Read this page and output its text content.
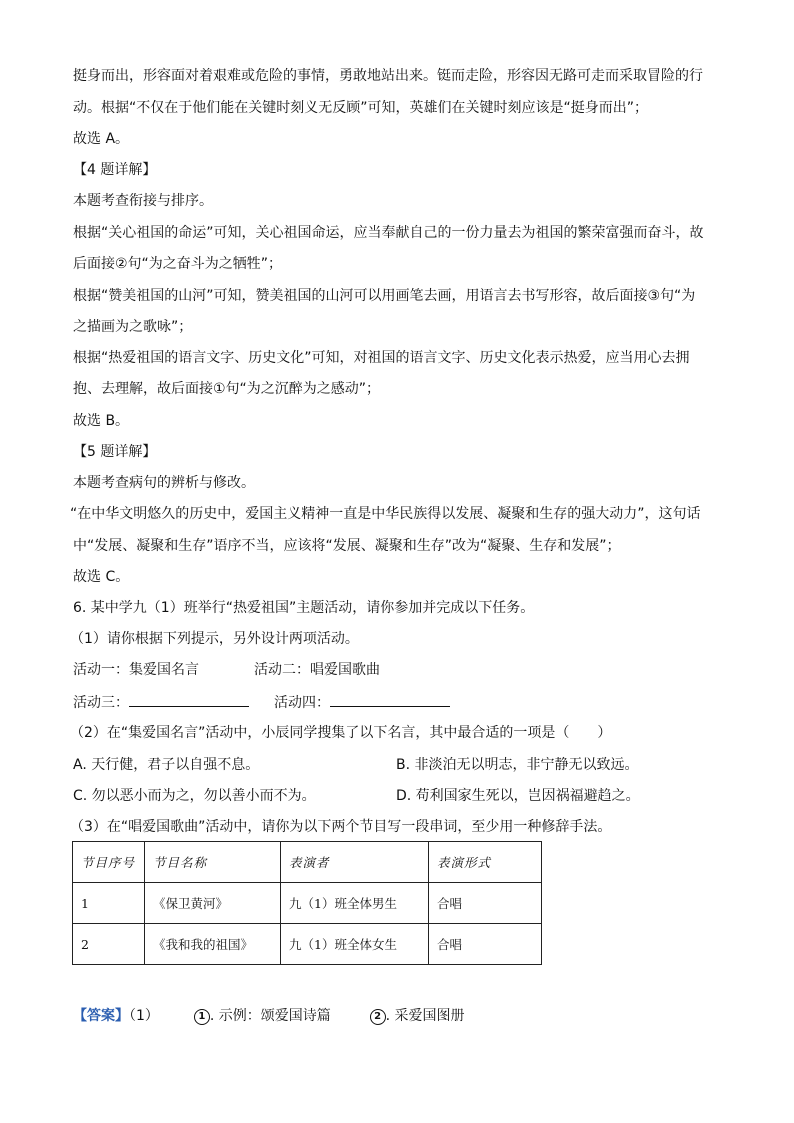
挺身而出，形容面对着艰难或危险的事情，勇敢地站出来。铤而走险，形容因无路可走而采取冒险的行
动。根据“不仅在于他们能在关键时刻义无反顾”可知，英雄们在关键时刻应该是“挺身而出”；
故选 A。
【4 题详解】
本题考查衔接与排序。
根据“关心祖国的命运”可知，关心祖国命运，应当奉献自己的一份力量去为祖国的繁荣富强而奋斗，故
后面接②句“为之奋斗为之牺牲”；
根据“赞美祖国的山河”可知，赞美祖国的山河可以用画笔去画，用语言去书写形容，故后面接③句“为
之描画为之歌咏”；
根据“热爱祖国的语言文字、历史文化”可知，对祖国的语言文字、历史文化表示热爱，应当用心去拥
抱、去理解，故后面接①句“为之沉醉为之感动”；
故选 B。
【5 题详解】
本题考查病句的辨析与修改。
“在中华文明悠久的历史中，爱国主义精神一直是中华民族得以发展、凝聚和生存的强大动力”，这句话
中“发展、凝聚和生存”语序不当，应该将“发展、凝聚和生存”改为“凝聚、生存和发展”；
故选 C。
6. 某中学九（1）班举行“热爱祖国”主题活动，请你参加并完成以下任务。
（1）请你根据下列提示，另外设计两项活动。
活动一：集爱国名言	活动二：唱爱国歌曲
活动三：	活动四：
（2）在“集爱国名言”活动中，小辰同学搜集了以下名言，其中最合适的一项是（　　）
A. 天行健，君子以自强不息。	B. 非淡泊无以明志，非宁静无以致远。
C. 勿以恶小而为之，勿以善小而不为。	D. 苟利国家生死以，岂因祸福避趋之。
（3）在“唱爱国歌曲”活动中，请你为以下两个节目写一段串词，至少用一种修辞手法。
节目序号	节目名称	表演者	表演形式
1	《保卫黄河》	九（1）班全体男生	合唱
2	《我和我的祖国》	九（1）班全体女生	合唱
【答案】（1）	1 . 示例：颂爱国诗篇	2 . 采爱国图册
